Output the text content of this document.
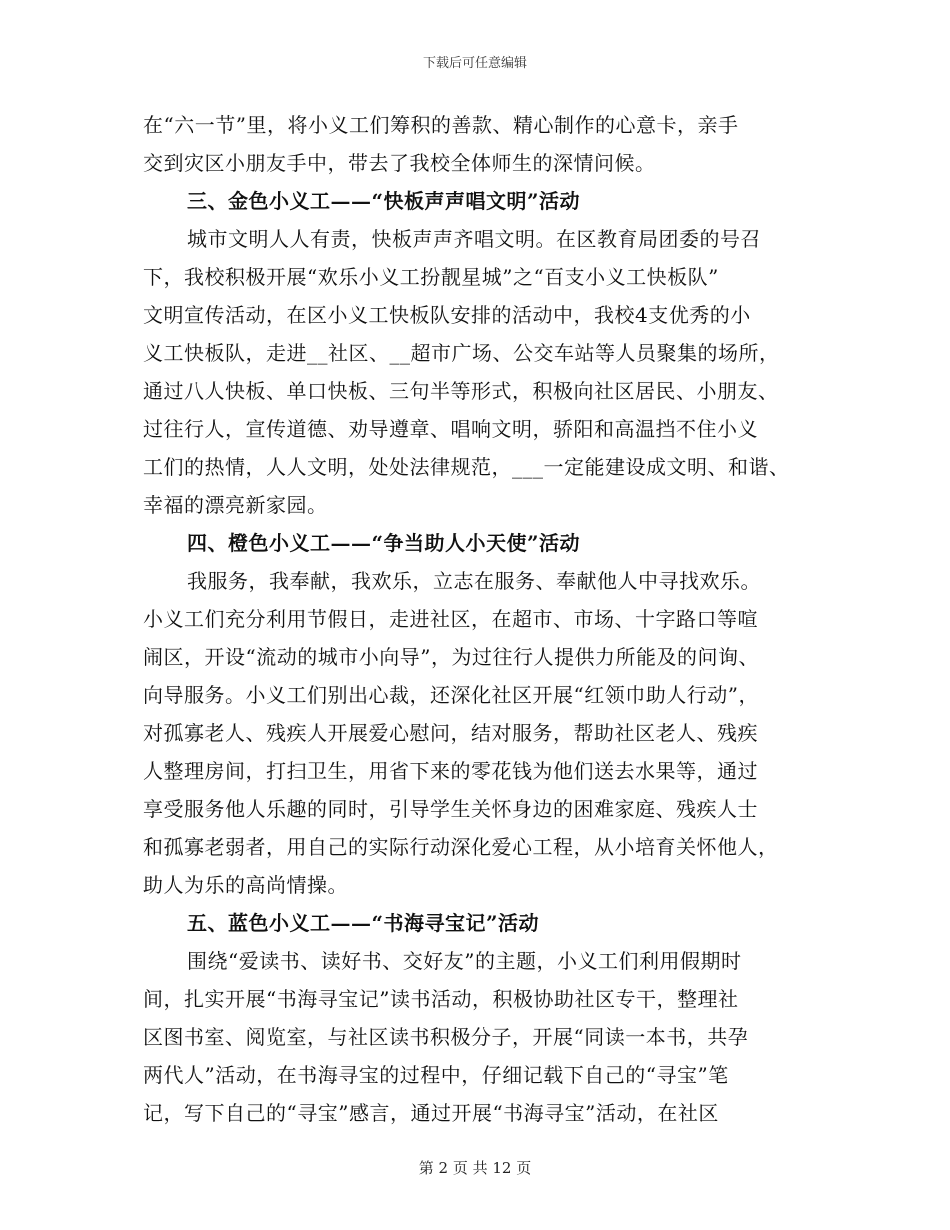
下载后可任意编辑
在“六一节”里，将小义工们筹积的善款、精心制作的心意卡，亲手
交到灾区小朋友手中，带去了我校全体师生的深情问候。
三、金色小义工——“快板声声唱文明”活动
城市文明人人有责，快板声声齐唱文明。在区教育局团委的号召
下，我校积极开展“欢乐小义工扮靓星城”之“百支小义工快板队”
文明宣传活动，在区小义工快板队安排的活动中，我校4支优秀的小
义工快板队，走进__社区、__超市广场、公交车站等人员聚集的场所，
通过八人快板、单口快板、三句半等形式，积极向社区居民、小朋友、
过往行人，宣传道德、劝导遵章、唱响文明，骄阳和高温挡不住小义
工们的热情，人人文明，处处法律规范，___一定能建设成文明、和谐、
幸福的漂亮新家园。
四、橙色小义工——“争当助人小天使”活动
我服务，我奉献，我欢乐，立志在服务、奉献他人中寻找欢乐。
小义工们充分利用节假日，走进社区，在超市、市场、十字路口等喧
闹区，开设“流动的城市小向导”，为过往行人提供力所能及的问询、
向导服务。小义工们别出心裁，还深化社区开展“红领巾助人行动”，
对孤寡老人、残疾人开展爱心慰问，结对服务，帮助社区老人、残疾
人整理房间，打扫卫生，用省下来的零花钱为他们送去水果等，通过
享受服务他人乐趣的同时，引导学生关怀身边的困难家庭、残疾人士
和孤寡老弱者，用自己的实际行动深化爱心工程，从小培育关怀他人，
助人为乐的高尚情操。
五、蓝色小义工——“书海寻宝记”活动
围绕“爱读书、读好书、交好友”的主题，小义工们利用假期时
间，扎实开展“书海寻宝记”读书活动，积极协助社区专干，整理社
区图书室、阅览室，与社区读书积极分子，开展“同读一本书，共孕
两代人”活动，在书海寻宝的过程中，仔细记载下自己的“寻宝”笔
记，写下自己的“寻宝”感言，通过开展“书海寻宝”活动，在社区
第 2 页 共 12 页
